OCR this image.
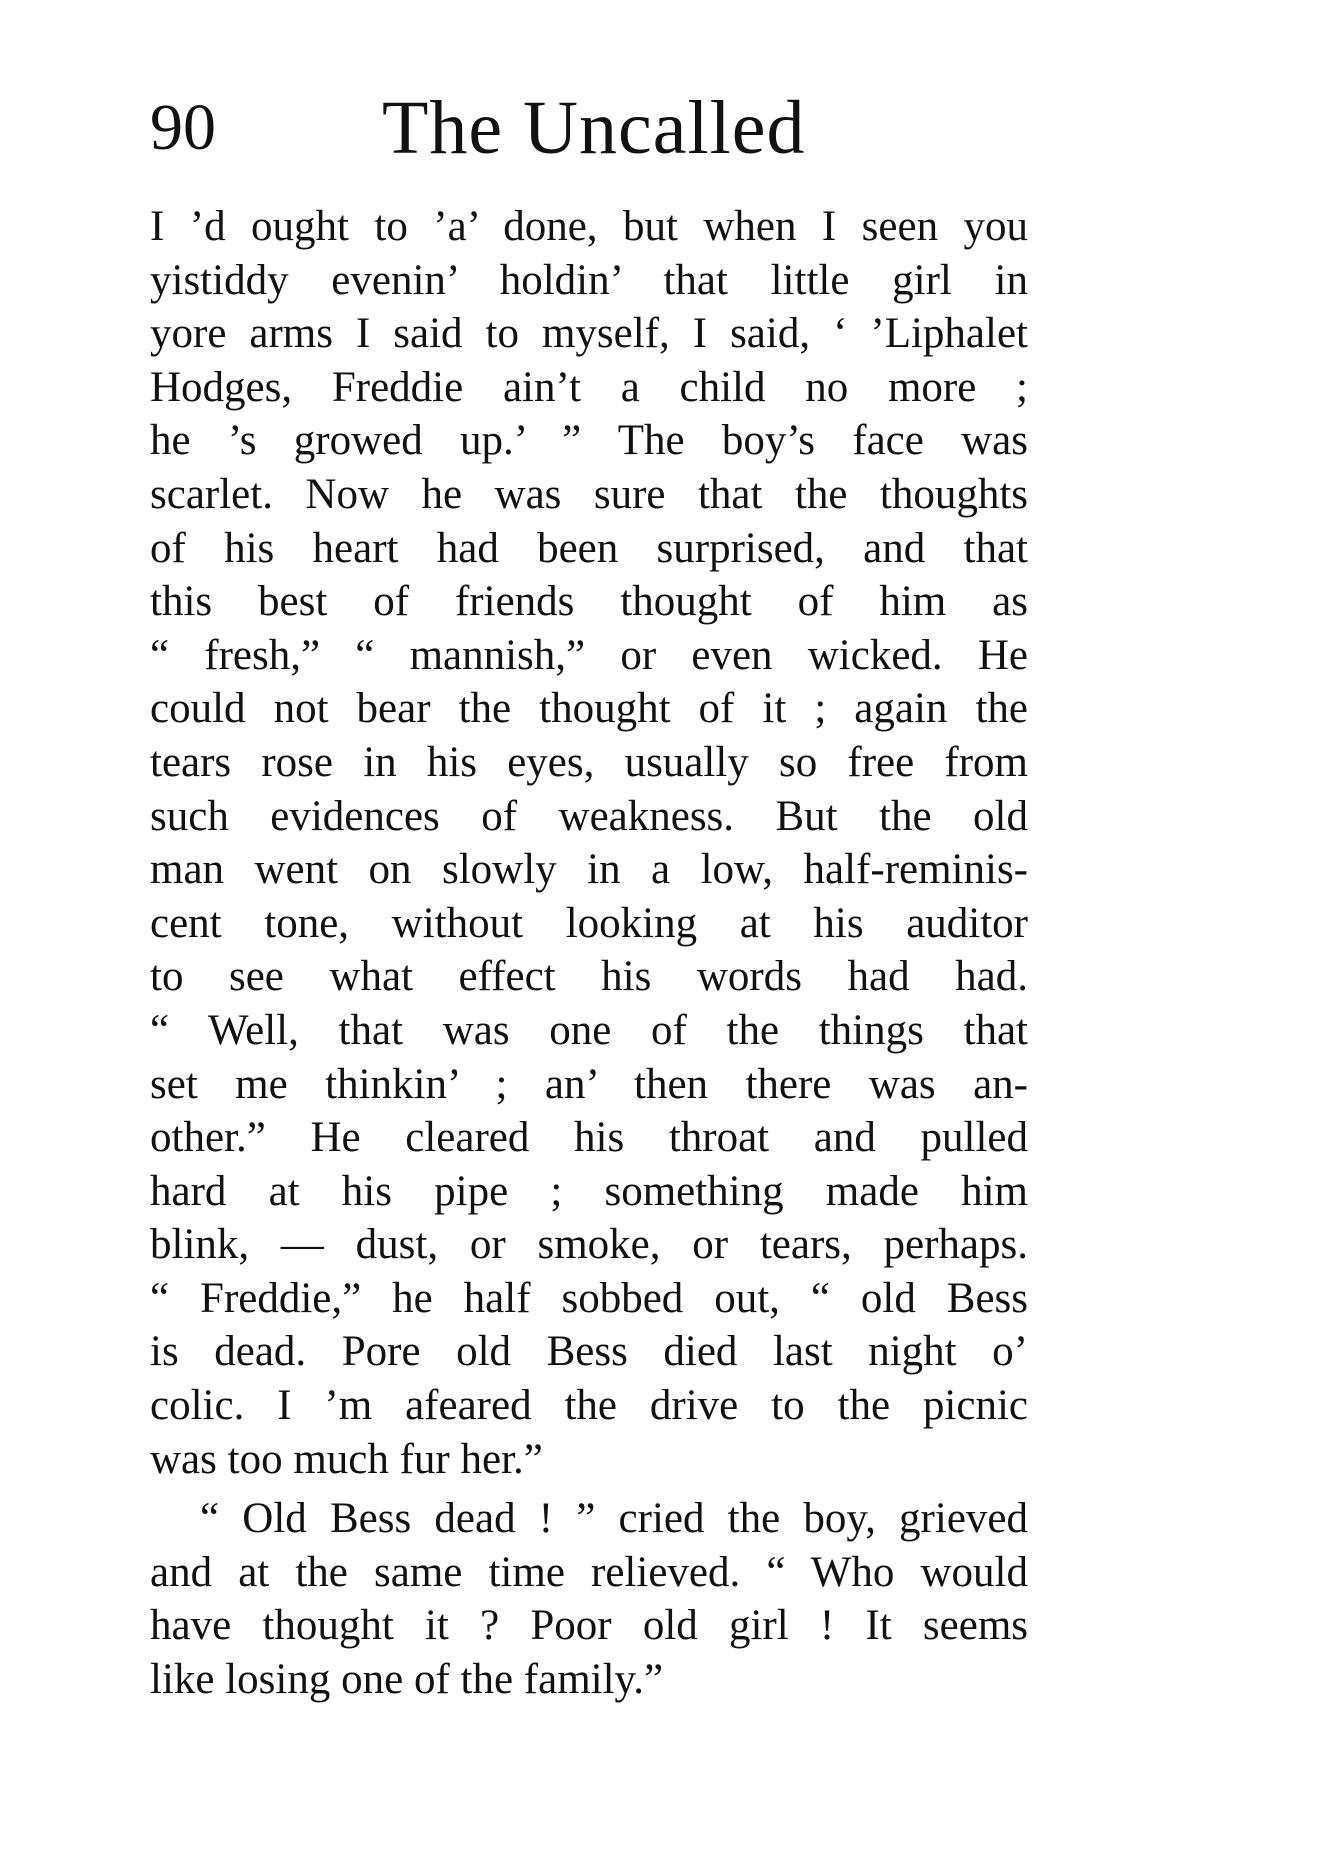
90 The Uncalled
I ’d ought to ’a’ done, but when I seen you
yistiddy evenin’ holdin’ that little girl in
yore arms I said to myself, I said, ‘ ’Liphalet
Hodges, Freddie ain’t a child no more ;
he ’s growed up.’ ” The boy’s face was
scarlet. Now he was sure that the thoughts
of his heart had been surprised, and that
this best of friends thought of him as
“ fresh,” “ mannish,” or even wicked. He
could not bear the thought of it ; again the
tears rose in his eyes, usually so free from
such evidences of weakness. But the old
man went on slowly in a low, half-reminis-
cent tone, without looking at his auditor
to see what effect his words had had.
“ Well, that was one of the things that
set me thinkin’ ; an’ then there was an-
other.” He cleared his throat and pulled
hard at his pipe ; something made him
blink, — dust, or smoke, or tears, perhaps.
“ Freddie,” he half sobbed out, “ old Bess
is dead. Pore old Bess died last night o’
colic. I ’m afeared the drive to the picnic
was too much fur her.”
“ Old Bess dead ! ” cried the boy, grieved
and at the same time relieved. “ Who would
have thought it ? Poor old girl ! It seems
like losing one of the family.”
